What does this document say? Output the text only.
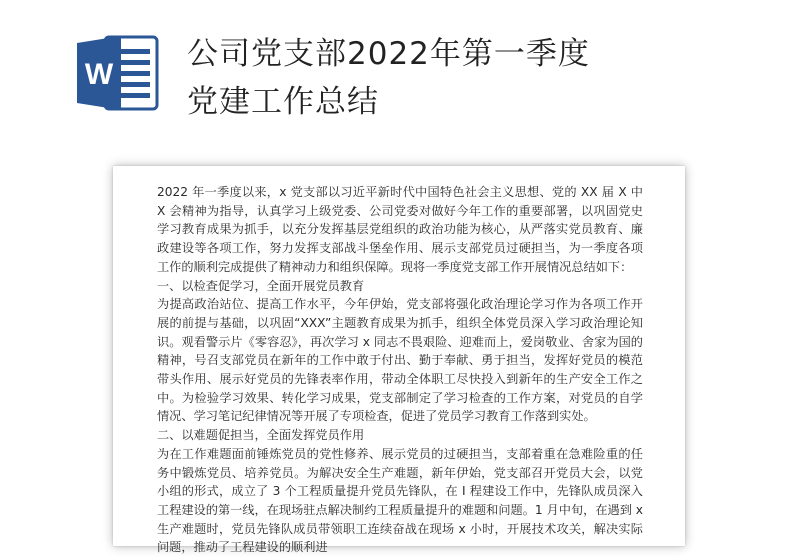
W
公司党支部2022年第一季度
党建工作总结

2022 年一季度以来，x 党支部以习近平新时代中国特色社会主义思想、党的 XX 届 X 中 X 会精神为指导，认真学习上级党委、公司党委对做好今年工作的重要部署，以巩固党史学习教育成果为抓手，以充分发挥基层党组织的政治功能为核心，从严落实党员教育、廉政建设等各项工作，努力发挥支部战斗堡垒作用、展示支部党员过硬担当，为一季度各项工作的顺利完成提供了精神动力和组织保障。现将一季度党支部工作开展情况总结如下：

一、以检查促学习，全面开展党员教育

为提高政治站位、提高工作水平，今年伊始，党支部将强化政治理论学习作为各项工作开展的前提与基础，以巩固“XXX”主题教育成果为抓手，组织全体党员深入学习政治理论知识。观看警示片《零容忍》，再次学习 x 同志不畏艰险、迎难而上，爱岗敬业、舍家为国的精神，号召支部党员在新年的工作中敢于付出、勤于奉献、勇于担当，发挥好党员的模范带头作用、展示好党员的先锋表率作用，带动全体职工尽快投入到新年的生产安全工作之中。为检验学习效果、转化学习成果，党支部制定了学习检查的工作方案，对党员的自学情况、学习笔记纪律情况等开展了专项检查，促进了党员学习教育工作落到实处。

二、以难题促担当，全面发挥党员作用

为在工作难题面前锤炼党员的党性修养、展示党员的过硬担当，支部着重在急难险重的任务中锻炼党员、培养党员。为解决安全生产难题，新年伊始，党支部召开党员大会，以党小组的形式，成立了 3 个工程质量提升党员先锋队，在 I 程建设工作中，先锋队成员深入工程建设的第一线，在现场驻点解决制约工程质量提升的难题和问题。1 月中旬，在遇到 x 生产难题时，党员先锋队成员带领职工连续奋战在现场 x 小时，开展技术攻关，解决实际问题，推动了工程建设的顺利进
